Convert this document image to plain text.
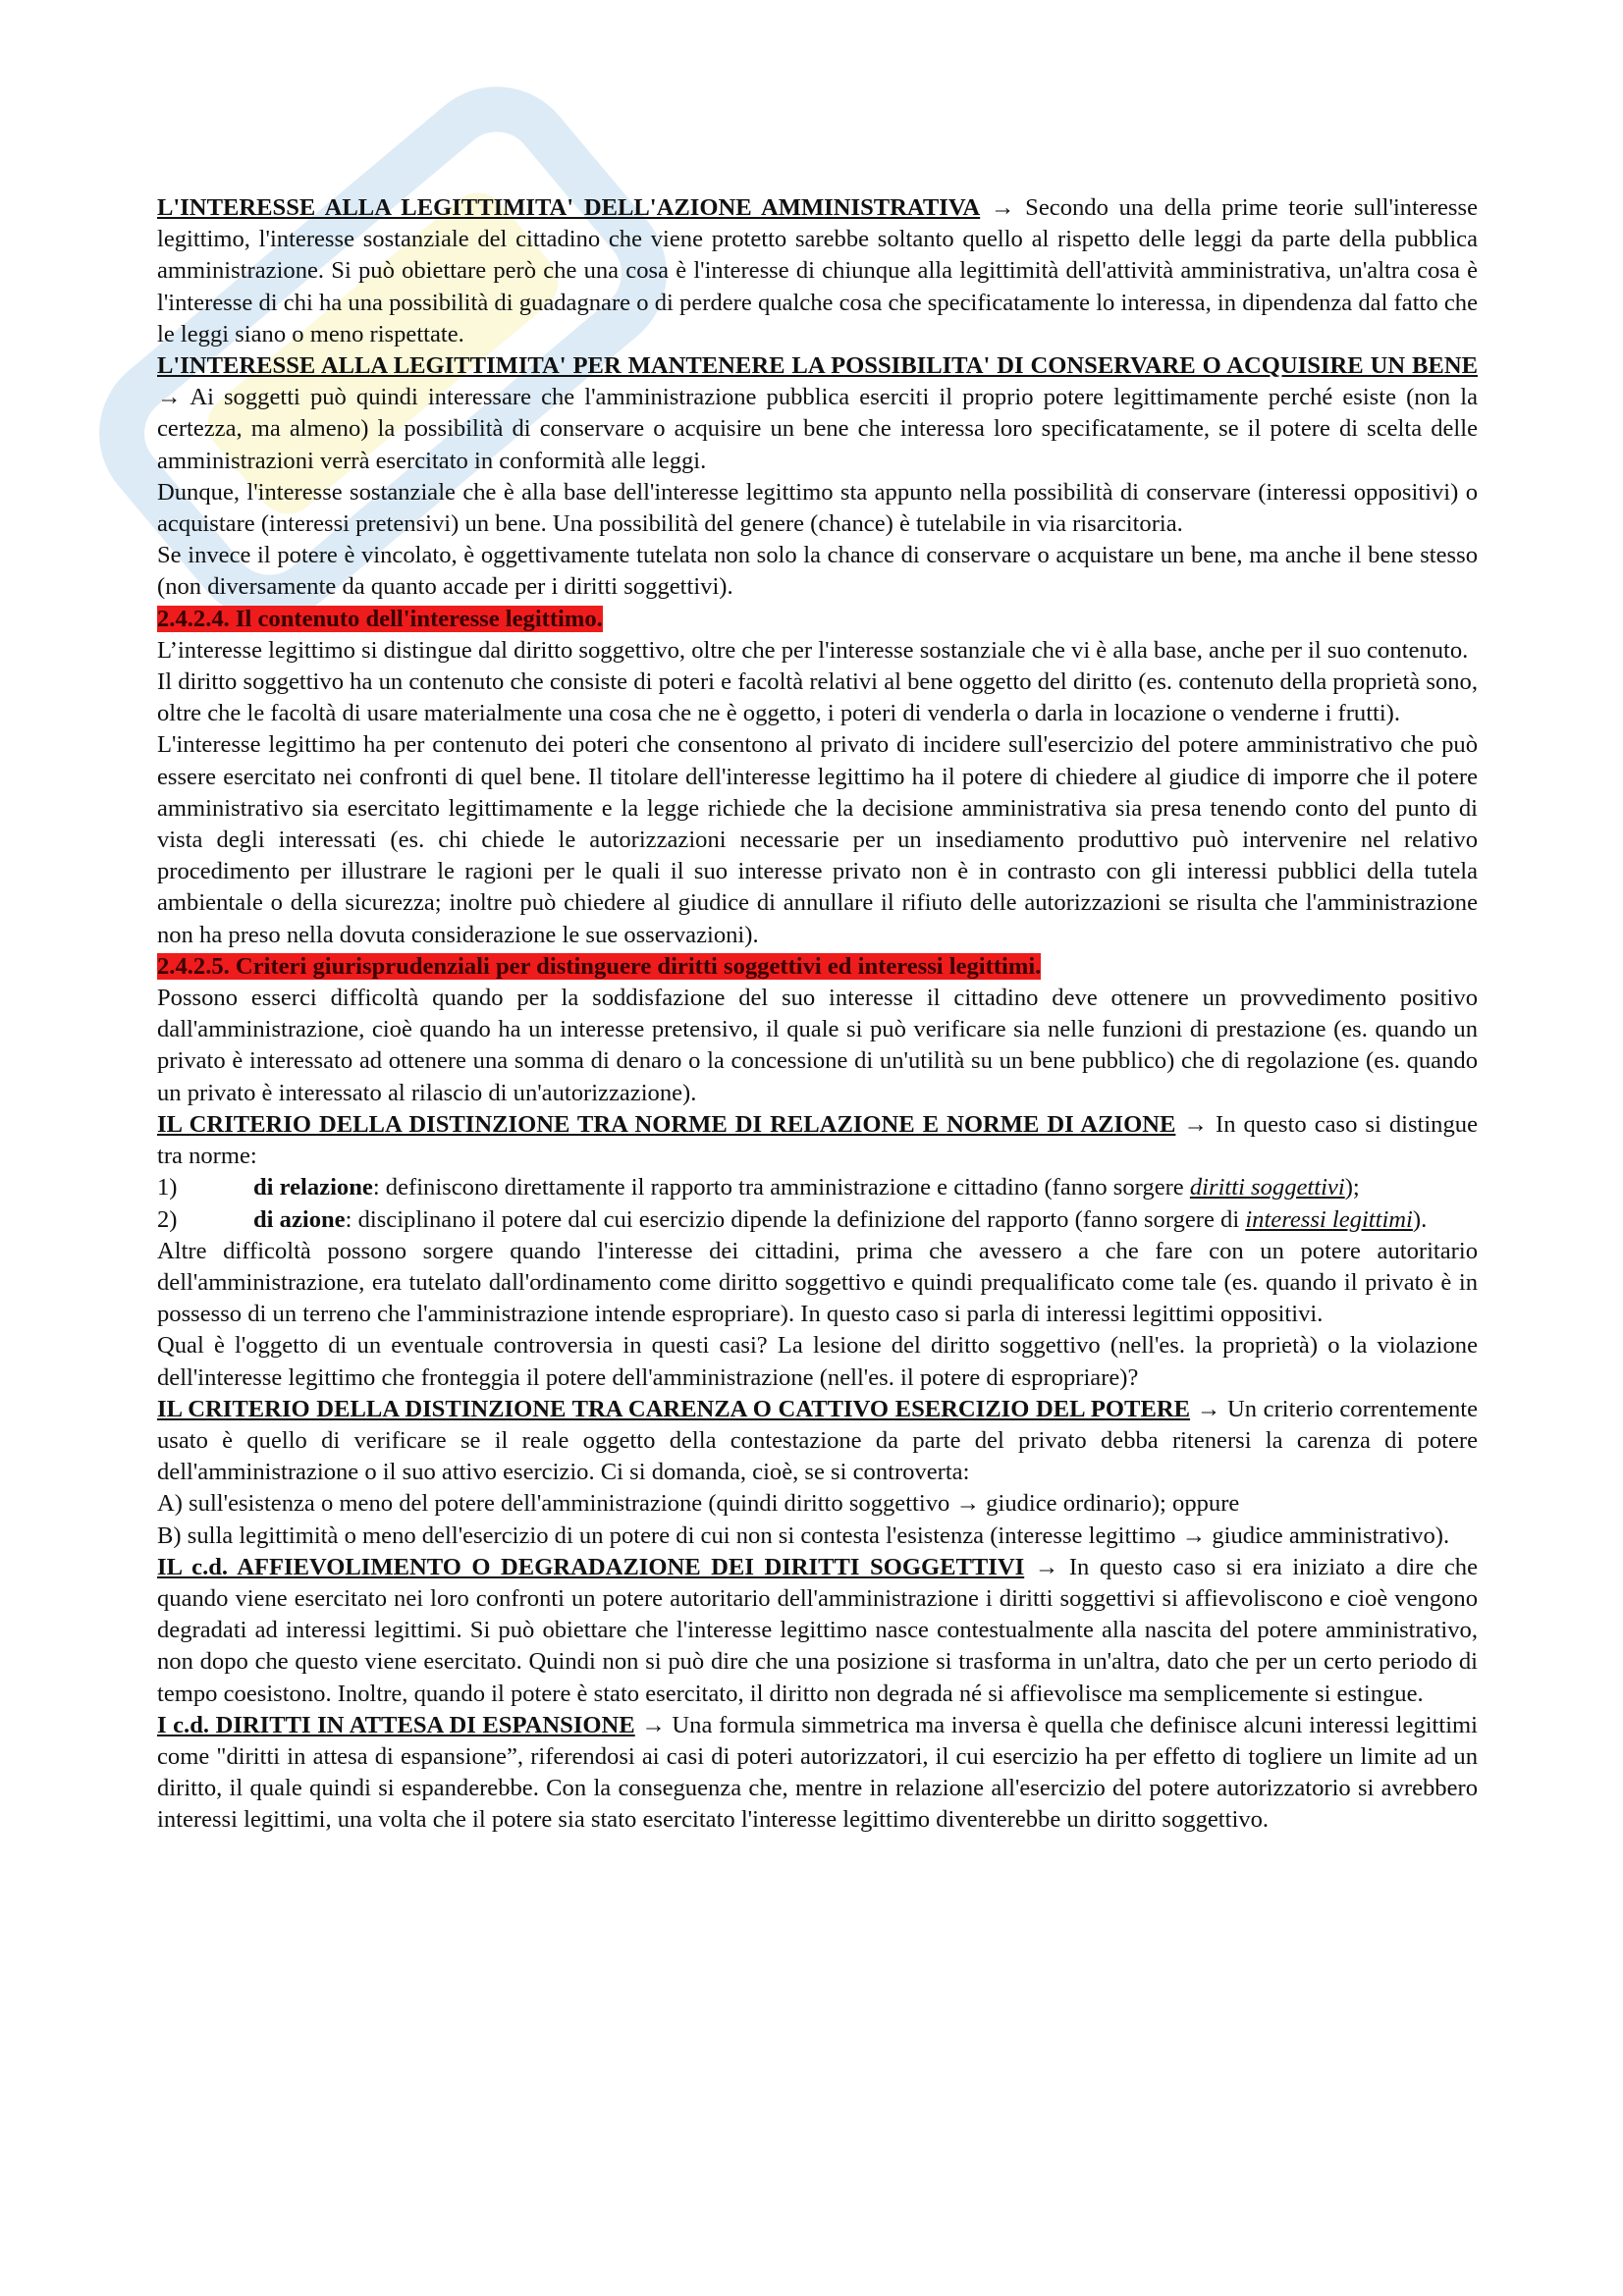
L'INTERESSE ALLA LEGITTIMITA' DELL'AZIONE AMMINISTRATIVA → Secondo una della prime teorie sull'interesse legittimo, l'interesse sostanziale del cittadino che viene protetto sarebbe soltanto quello al rispetto delle leggi da parte della pubblica amministrazione. Si può obiettare però che una cosa è l'interesse di chiunque alla legittimità dell'attività amministrativa, un'altra cosa è l'interesse di chi ha una possibilità di guadagnare o di perdere qualche cosa che specificatamente lo interessa, in dipendenza dal fatto che le leggi siano o meno rispettate.

L'INTERESSE ALLA LEGITTIMITA' PER MANTENERE LA POSSIBILITA' DI CONSERVARE O ACQUISIRE UN BENE → Ai soggetti può quindi interessare che l'amministrazione pubblica eserciti il proprio potere legittimamente perché esiste (non la certezza, ma almeno) la possibilità di conservare o acquisire un bene che interessa loro specificatamente, se il potere di scelta delle amministrazioni verrà esercitato in conformità alle leggi.

Dunque, l'interesse sostanziale che è alla base dell'interesse legittimo sta appunto nella possibilità di conservare (interessi oppositivi) o acquistare (interessi pretensivi) un bene. Una possibilità del genere (chance) è tutelabile in via risarcitoria.

Se invece il potere è vincolato, è oggettivamente tutelata non solo la chance di conservare o acquistare un bene, ma anche il bene stesso (non diversamente da quanto accade per i diritti soggettivi).

2.4.2.4. Il contenuto dell'interesse legittimo.

L’interesse legittimo si distingue dal diritto soggettivo, oltre che per l'interesse sostanziale che vi è alla base, anche per il suo contenuto.

Il diritto soggettivo ha un contenuto che consiste di poteri e facoltà relativi al bene oggetto del diritto (es. contenuto della proprietà sono, oltre che le facoltà di usare materialmente una cosa che ne è oggetto, i poteri di venderla o darla in locazione o venderne i frutti).

L'interesse legittimo ha per contenuto dei poteri che consentono al privato di incidere sull'esercizio del potere amministrativo che può essere esercitato nei confronti di quel bene. Il titolare dell'interesse legittimo ha il potere di chiedere al giudice di imporre che il potere amministrativo sia esercitato legittimamente e la legge richiede che la decisione amministrativa sia presa tenendo conto del punto di vista degli interessati (es. chi chiede le autorizzazioni necessarie per un insediamento produttivo può intervenire nel relativo procedimento per illustrare le ragioni per le quali il suo interesse privato non è in contrasto con gli interessi pubblici della tutela ambientale o della sicurezza; inoltre può chiedere al giudice di annullare il rifiuto delle autorizzazioni se risulta che l'amministrazione non ha preso nella dovuta considerazione le sue osservazioni).

2.4.2.5. Criteri giurisprudenziali per distinguere diritti soggettivi ed interessi legittimi.

Possono esserci difficoltà quando per la soddisfazione del suo interesse il cittadino deve ottenere un provvedimento positivo dall'amministrazione, cioè quando ha un interesse pretensivo, il quale si può verificare sia nelle funzioni di prestazione (es. quando un privato è interessato ad ottenere una somma di denaro o la concessione di un'utilità su un bene pubblico) che di regolazione (es. quando un privato è interessato al rilascio di un'autorizzazione).

IL CRITERIO DELLA DISTINZIONE TRA NORME DI RELAZIONE E NORME DI AZIONE → In questo caso si distingue tra norme:

1)	di relazione: definiscono direttamente il rapporto tra amministrazione e cittadino (fanno sorgere diritti soggettivi);

2)	di azione: disciplinano il potere dal cui esercizio dipende la definizione del rapporto (fanno sorgere di interessi legittimi).

Altre difficoltà possono sorgere quando l'interesse dei cittadini, prima che avessero a che fare con un potere autoritario dell'amministrazione, era tutelato dall'ordinamento come diritto soggettivo e quindi prequalificato come tale (es. quando il privato è in possesso di un terreno che l'amministrazione intende espropriare). In questo caso si parla di interessi legittimi oppositivi.

Qual è l'oggetto di un eventuale controversia in questi casi? La lesione del diritto soggettivo (nell'es. la proprietà) o la violazione dell'interesse legittimo che fronteggia il potere dell'amministrazione (nell'es. il potere di espropriare)?

IL CRITERIO DELLA DISTINZIONE TRA CARENZA O CATTIVO ESERCIZIO DEL POTERE → Un criterio correntemente usato è quello di verificare se il reale oggetto della contestazione da parte del privato debba ritenersi la carenza di potere dell'amministrazione o il suo attivo esercizio. Ci si domanda, cioè, se si controverta:

A) sull'esistenza o meno del potere dell'amministrazione (quindi diritto soggettivo → giudice ordinario); oppure

B) sulla legittimità o meno dell'esercizio di un potere di cui non si contesta l'esistenza (interesse legittimo → giudice amministrativo).

IL c.d. AFFIEVOLIMENTO O DEGRADAZIONE DEI DIRITTI SOGGETTIVI → In questo caso si era iniziato a dire che quando viene esercitato nei loro confronti un potere autoritario dell'amministrazione i diritti soggettivi si affievoliscono e cioè vengono degradati ad interessi legittimi. Si può obiettare che l'interesse legittimo nasce contestualmente alla nascita del potere amministrativo, non dopo che questo viene esercitato. Quindi non si può dire che una posizione si trasforma in un'altra, dato che per un certo periodo di tempo coesistono. Inoltre, quando il potere è stato esercitato, il diritto non degrada né si affievolisce ma semplicemente si estingue.

I c.d. DIRITTI IN ATTESA DI ESPANSIONE → Una formula simmetrica ma inversa è quella che definisce alcuni interessi legittimi come "diritti in attesa di espansione”, riferendosi ai casi di poteri autorizzatori, il cui esercizio ha per effetto di togliere un limite ad un diritto, il quale quindi si espanderebbe. Con la conseguenza che, mentre in relazione all'esercizio del potere autorizzatorio si avrebbero interessi legittimi, una volta che il potere sia stato esercitato l'interesse legittimo diventerebbe un diritto soggettivo.
